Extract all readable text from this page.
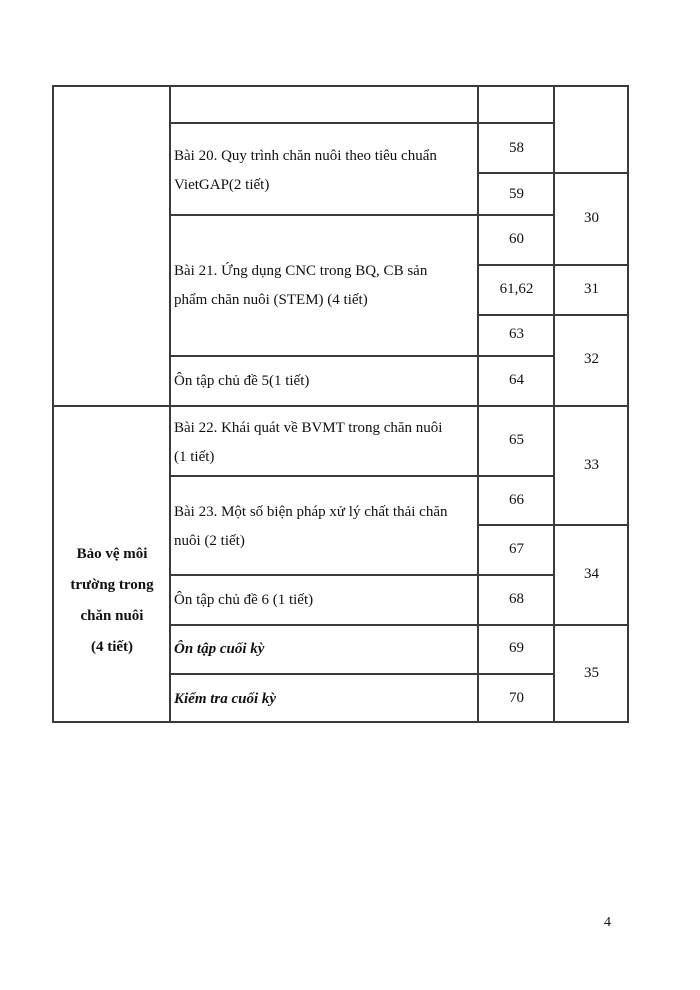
Bảo vệ môi
trường trong
chăn nuôi
(4 tiết)
Bài 20. Quy trình chăn nuôi theo tiêu chuẩn
VietGAP(2 tiết)
Bài 21. Ứng dụng CNC trong BQ, CB sản
phẩm chăn nuôi (STEM) (4 tiết)
Ôn tập chủ đề 5(1 tiết)
Bài 22. Khái quát về BVMT trong chăn nuôi
(1 tiết)
Bài 23. Một số biện pháp xử lý chất thải chăn
nuôi (2 tiết)
Ôn tập chủ đề 6 (1 tiết)
Ôn tập cuối kỳ
Kiểm tra cuối kỳ
58
59
60
61,62
63
64
65
66
67
68
69
70
30
31
32
33
34
35
4
